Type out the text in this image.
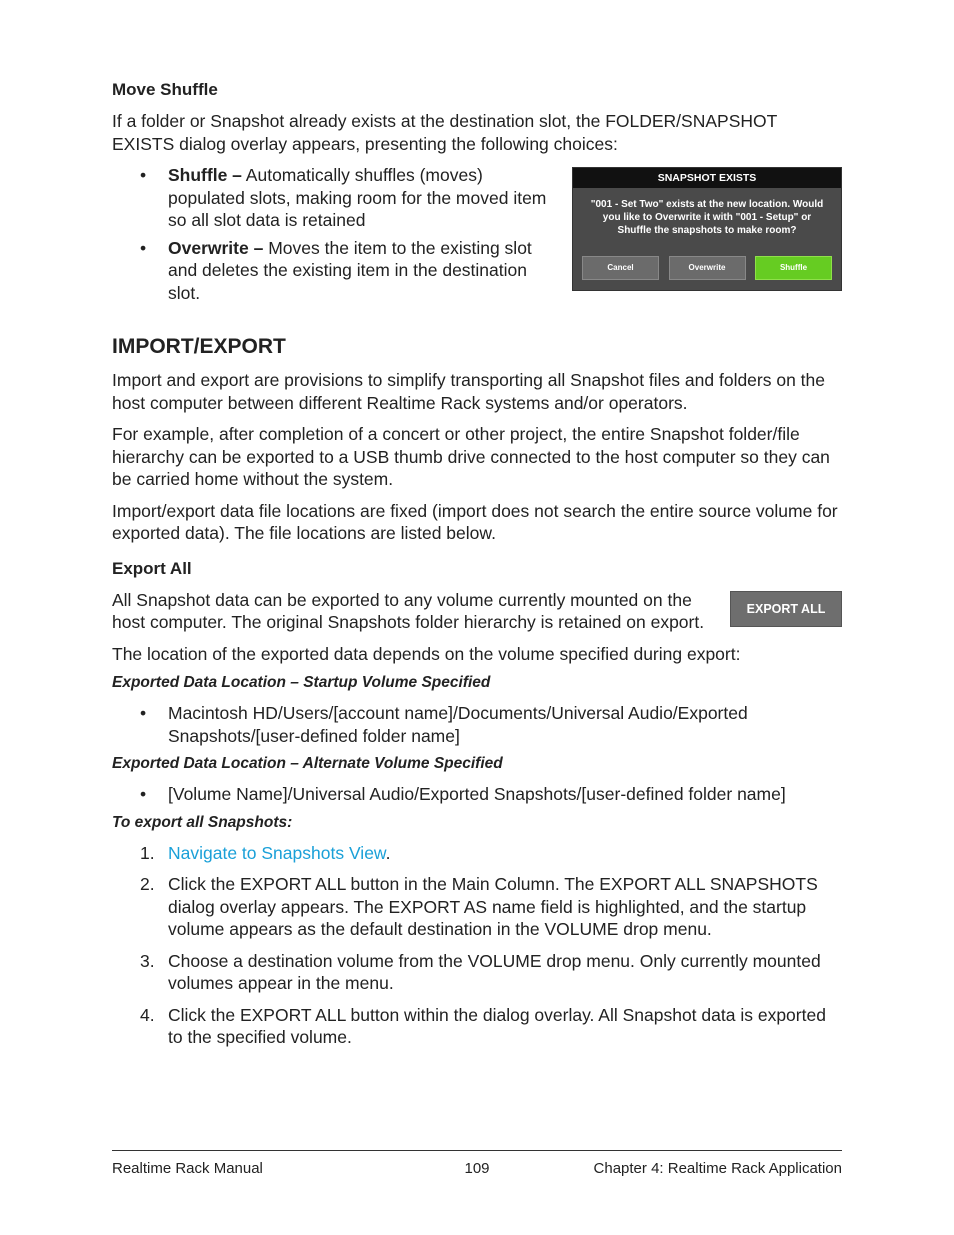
Move Shuffle

If a folder or Snapshot already exists at the destination slot, the FOLDER/SNAPSHOT EXISTS dialog overlay appears, presenting the following choices:

• Shuffle – Automatically shuffles (moves) populated slots, making room for the moved item so all slot data is retained
• Overwrite – Moves the item to the existing slot and deletes the existing item in the destination slot.
SNAPSHOT EXISTS
"001 - Set Two" exists at the new location. Would you like to Overwrite it with "001 - Setup" or Shuffle the snapshots to make room?
Cancel	Overwrite	Shuffle
IMPORT/EXPORT

Import and export are provisions to simplify transporting all Snapshot files and folders on the host computer between different Realtime Rack systems and/or operators.

For example, after completion of a concert or other project, the entire Snapshot folder/file hierarchy can be exported to a USB thumb drive connected to the host computer so they can be carried home without the system.

Import/export data file locations are fixed (import does not search the entire source volume for exported data). The file locations are listed below.

Export All

All Snapshot data can be exported to any volume currently mounted on the host computer. The original Snapshots folder hierarchy is retained on export.

EXPORT ALL

The location of the exported data depends on the volume specified during export:

Exported Data Location – Startup Volume Specified
• Macintosh HD/Users/[account name]/Documents/Universal Audio/Exported Snapshots/[user-defined folder name]
Exported Data Location – Alternate Volume Specified
• [Volume Name]/Universal Audio/Exported Snapshots/[user-defined folder name]
To export all Snapshots:
1. Navigate to Snapshots View.
2. Click the EXPORT ALL button in the Main Column. The EXPORT ALL SNAPSHOTS dialog overlay appears. The EXPORT AS name field is highlighted, and the startup volume appears as the default destination in the VOLUME drop menu.
3. Choose a destination volume from the VOLUME drop menu. Only currently mounted volumes appear in the menu.
4. Click the EXPORT ALL button within the dialog overlay. All Snapshot data is exported to the specified volume.
Realtime Rack Manual	109	Chapter 4: Realtime Rack Application
